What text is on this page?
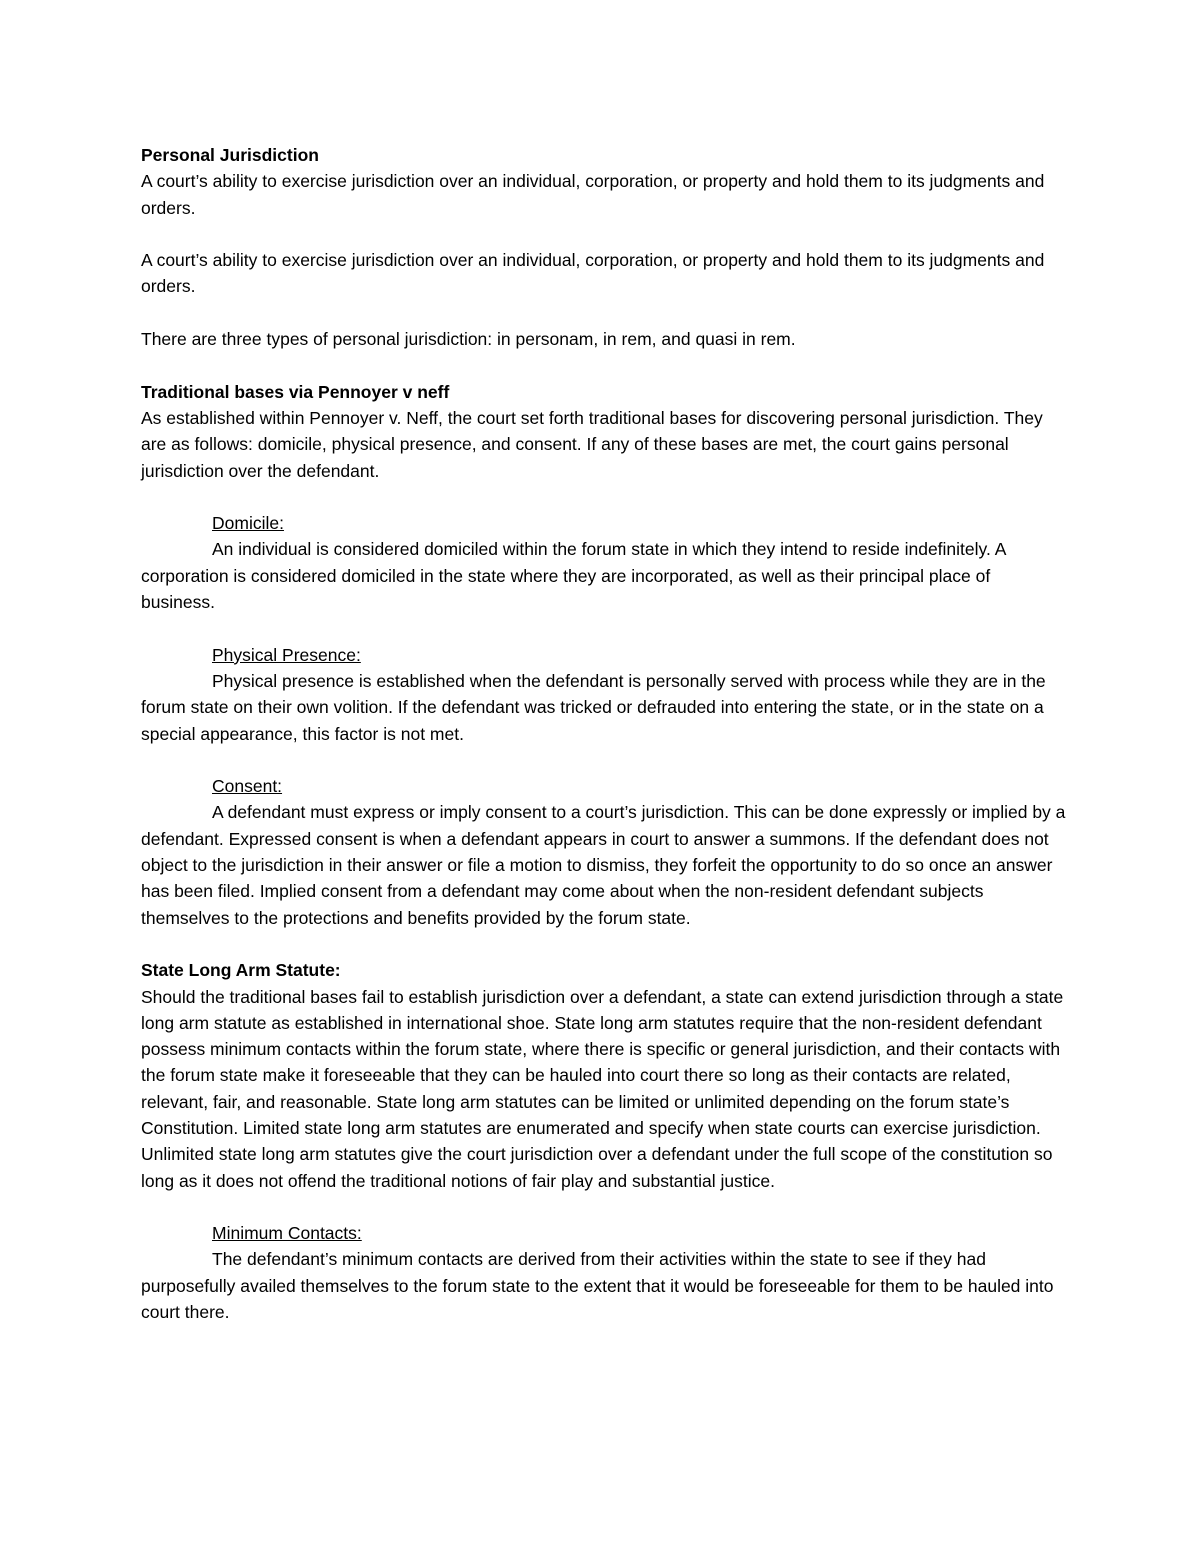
Personal Jurisdiction

A court’s ability to exercise jurisdiction over an individual, corporation, or property and hold them to its judgments and orders.

A court’s ability to exercise jurisdiction over an individual, corporation, or property and hold them to its judgments and orders.

There are three types of personal jurisdiction: in personam, in rem, and quasi in rem.

Traditional bases via Pennoyer v neff

As established within Pennoyer v. Neff, the court set forth traditional bases for discovering personal jurisdiction. They are as follows: domicile, physical presence, and consent. If any of these bases are met, the court gains personal jurisdiction over the defendant.

Domicile:

An individual is considered domiciled within the forum state in which they intend to reside indefinitely. A corporation is considered domiciled in the state where they are incorporated, as well as their principal place of business.

Physical Presence:

Physical presence is established when the defendant is personally served with process while they are in the forum state on their own volition. If the defendant was tricked or defrauded into entering the state, or in the state on a special appearance, this factor is not met.

Consent:

A defendant must express or imply consent to a court’s jurisdiction. This can be done expressly or implied by a defendant. Expressed consent is when a defendant appears in court to answer a summons. If the defendant does not object to the jurisdiction in their answer or file a motion to dismiss, they forfeit the opportunity to do so once an answer has been filed. Implied consent from a defendant may come about when the non-resident defendant subjects themselves to the protections and benefits provided by the forum state.

State Long Arm Statute:

Should the traditional bases fail to establish jurisdiction over a defendant, a state can extend jurisdiction through a state long arm statute as established in international shoe. State long arm statutes require that the non-resident defendant possess minimum contacts within the forum state, where there is specific or general jurisdiction, and their contacts with the forum state make it foreseeable that they can be hauled into court there so long as their contacts are related, relevant, fair, and reasonable. State long arm statutes can be limited or unlimited depending on the forum state’s Constitution. Limited state long arm statutes are enumerated and specify when state courts can exercise jurisdiction. Unlimited state long arm statutes give the court jurisdiction over a defendant under the full scope of the constitution so long as it does not offend the traditional notions of fair play and substantial justice.

Minimum Contacts:

The defendant’s minimum contacts are derived from their activities within the state to see if they had purposefully availed themselves to the forum state to the extent that it would be foreseeable for them to be hauled into court there.
